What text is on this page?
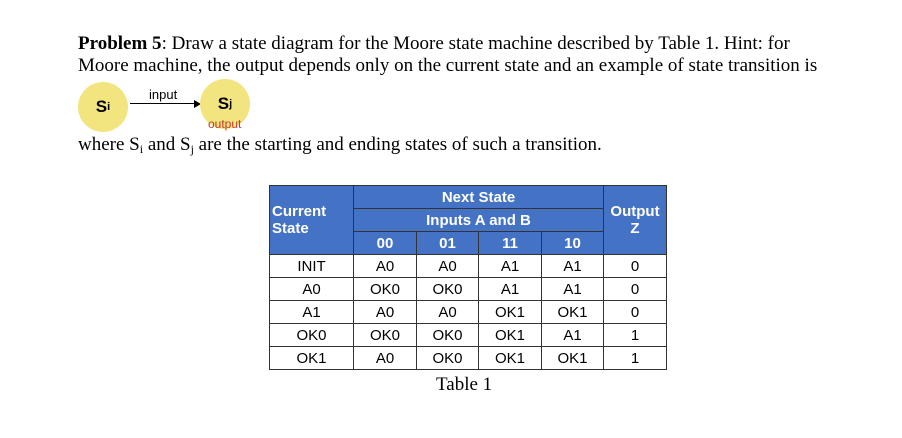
Problem 5: Draw a state diagram for the Moore state machine described by Table 1. Hint: for
Moore machine, the output depends only on the current state and an example of state transition is
S i
input S j
output
where $S_i$ and $S_j$ are the starting and ending states of such a transition.
Current
State	Next State				Output
Z
	Inputs A and B				
	00	01	11	10	
INIT	A0	A0	A1	A1	0
A0	OK0	OK0	A1	A1	0
A1	A0	A0	OK1	OK1	0
OK0	OK0	OK0	OK1	A1	1
OK1	A0	OK0	OK1	OK1	1
Table 1
